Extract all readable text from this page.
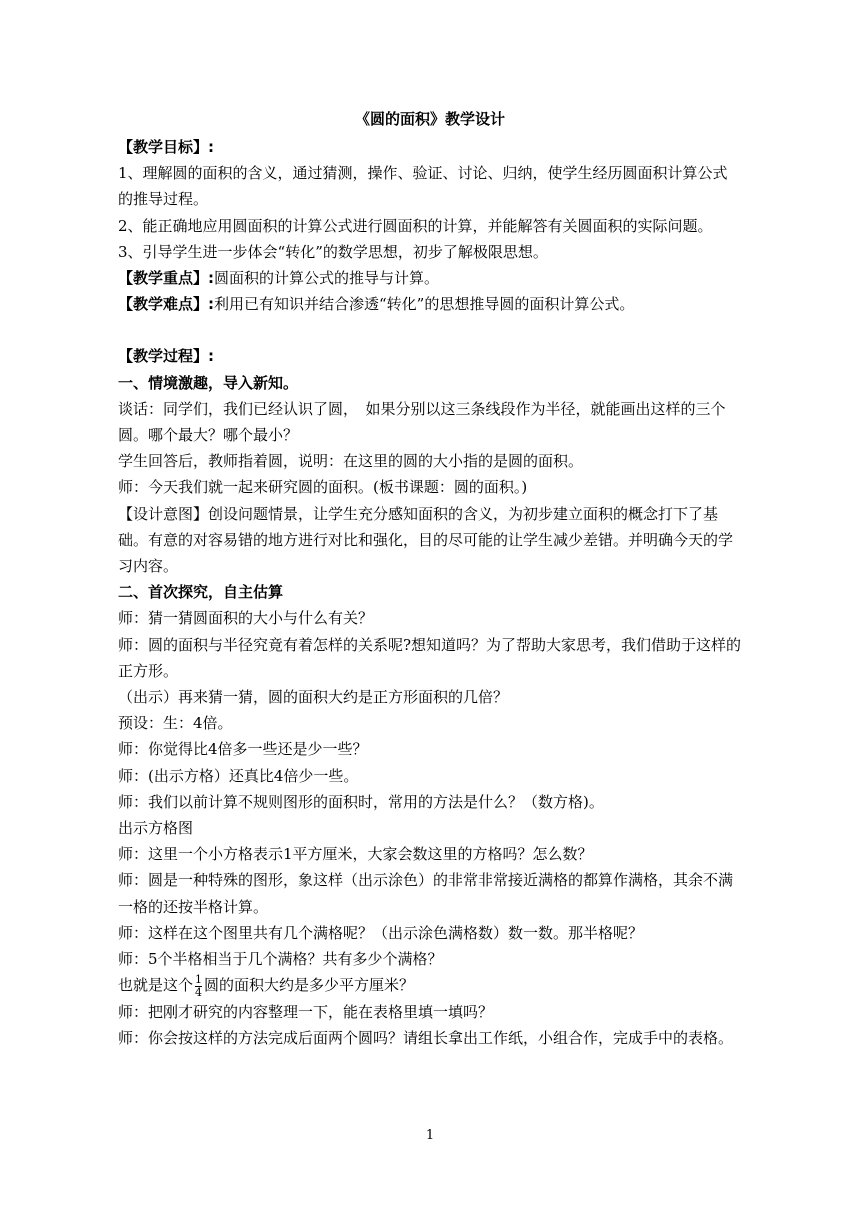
《圆的面积》教学设计

【教学目标】:

1、理解圆的面积的含义，通过猜测，操作、验证、讨论、归纳，使学生经历圆面积计算公式的推导过程。

2、能正确地应用圆面积的计算公式进行圆面积的计算，并能解答有关圆面积的实际问题。

3、引导学生进一步体会“转化”的数学思想，初步了解极限思想。

【教学重点】:圆面积的计算公式的推导与计算。

【教学难点】:利用已有知识并结合渗透“转化”的思想推导圆的面积计算公式。

【教学过程】:

一、情境激趣，导入新知。

谈话：同学们，我们已经认识了圆，　如果分别以这三条线段作为半径，就能画出这样的三个圆。哪个最大？哪个最小？

学生回答后，教师指着圆，说明：在这里的圆的大小指的是圆的面积。

师：今天我们就一起来研究圆的面积。(板书课题：圆的面积。)

【设计意图】创设问题情景，让学生充分感知面积的含义，为初步建立面积的概念打下了基础。有意的对容易错的地方进行对比和强化，目的尽可能的让学生减少差错。并明确今天的学习内容。

二、首次探究，自主估算

师：猜一猜圆面积的大小与什么有关？

师：圆的面积与半径究竟有着怎样的关系呢?想知道吗？为了帮助大家思考，我们借助于这样的正方形。

（出示）再来猜一猜，圆的面积大约是正方形面积的几倍？

预设：生：4倍。

师：你觉得比4倍多一些还是少一些？

师：(出示方格）还真比4倍少一些。

师：我们以前计算不规则图形的面积时，常用的方法是什么？（数方格)。

出示方格图

师：这里一个小方格表示1平方厘米，大家会数这里的方格吗？怎么数？

师：圆是一种特殊的图形，象这样（出示涂色）的非常非常接近满格的都算作满格，其余不满一格的还按半格计算。

师：这样在这个图里共有几个满格呢？（出示涂色满格数）数一数。那半格呢？

师：5个半格相当于几个满格？共有多少个满格？

也就是这个 $\frac{1}{4}$ 圆的面积大约是多少平方厘米？

师：把刚才研究的内容整理一下，能在表格里填一填吗？

师：你会按这样的方法完成后面两个圆吗？请组长拿出工作纸，小组合作，完成手中的表格。

1
